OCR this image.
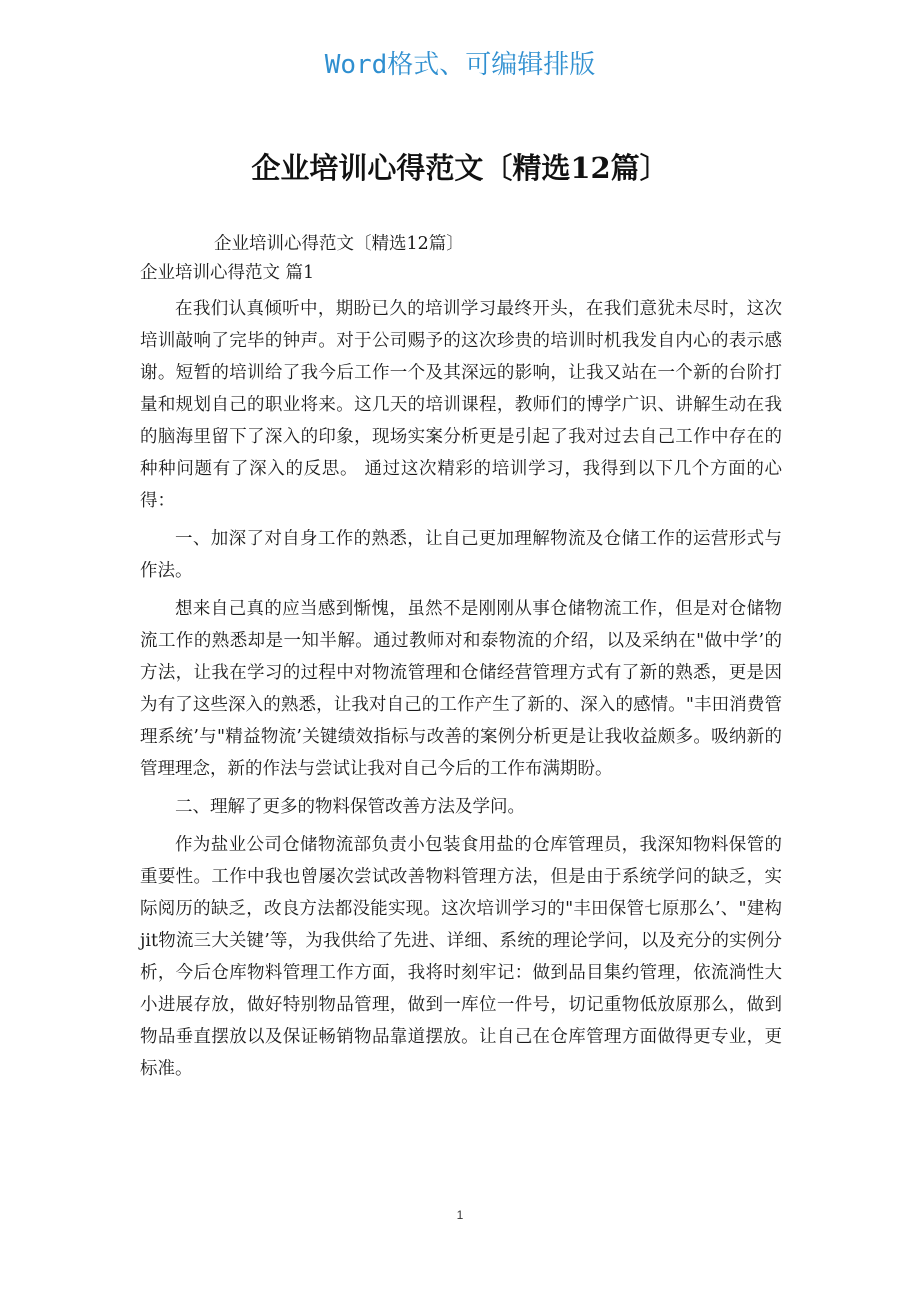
Word格式、可编辑排版
企业培训心得范文〔精选12篇〕
企业培训心得范文〔精选12篇〕
企业培训心得范文 篇1

在我们认真倾听中，期盼已久的培训学习最终开头，在我们意犹未尽时，这次培训敲响了完毕的钟声。对于公司赐予的这次珍贵的培训时机我发自内心的表示感谢。短暂的培训给了我今后工作一个及其深远的影响，让我又站在一个新的台阶打量和规划自己的职业将来。这几天的培训课程，教师们的博学广识、讲解生动在我的脑海里留下了深入的印象，现场实案分析更是引起了我对过去自己工作中存在的种种问题有了深入的反思。 通过这次精彩的培训学习，我得到以下几个方面的心得：

一、加深了对自身工作的熟悉，让自己更加理解物流及仓储工作的运营形式与作法。

想来自己真的应当感到惭愧，虽然不是刚刚从事仓储物流工作，但是对仓储物流工作的熟悉却是一知半解。通过教师对和泰物流的介绍，以及采纳在"做中学’的方法，让我在学习的过程中对物流管理和仓储经营管理方式有了新的熟悉，更是因为有了这些深入的熟悉，让我对自己的工作产生了新的、深入的感情。"丰田消费管理系统’与"精益物流’关键绩效指标与改善的案例分析更是让我收益颇多。吸纳新的管理理念，新的作法与尝试让我对自己今后的工作布满期盼。

二、理解了更多的物料保管改善方法及学问。

作为盐业公司仓储物流部负责小包装食用盐的仓库管理员，我深知物料保管的重要性。工作中我也曾屡次尝试改善物料管理方法，但是由于系统学问的缺乏，实际阅历的缺乏，改良方法都没能实现。这次培训学习的"丰田保管七原那么’、"建构jit物流三大关键’等，为我供给了先进、详细、系统的理论学问，以及充分的实例分析，今后仓库物料管理工作方面，我将时刻牢记：做到品目集约管理，依流淌性大小进展存放，做好特别物品管理，做到一库位一件号，切记重物低放原那么，做到物品垂直摆放以及保证畅销物品靠道摆放。让自己在仓库管理方面做得更专业，更标准。

1
